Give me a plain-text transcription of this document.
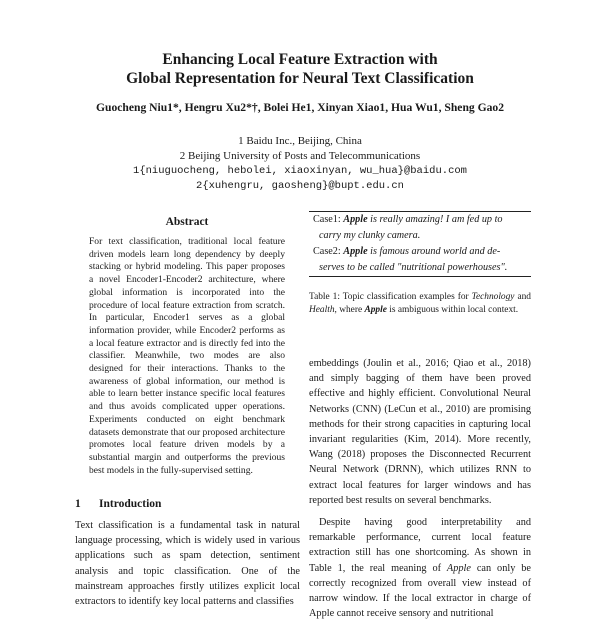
Enhancing Local Feature Extraction with
Global Representation for Neural Text Classification
Guocheng Niu1*, Hengru Xu2*†, Bolei He1, Xinyan Xiao1, Hua Wu1, Sheng Gao2
1 Baidu Inc., Beijing, China
2 Beijing University of Posts and Telecommunications
1{niuguocheng, hebolei, xiaoxinyan, wu_hua}@baidu.com
2{xuhengru, gaosheng}@bupt.edu.cn
Abstract
For text classification, traditional local feature driven models learn long dependency by deeply stacking or hybrid modeling. This paper proposes a novel Encoder1-Encoder2 architecture, where global information is incorporated into the procedure of local feature extraction from scratch. In particular, Encoder1 serves as a global information provider, while Encoder2 performs as a local feature extractor and is directly fed into the classifier. Meanwhile, two modes are also designed for their interactions. Thanks to the awareness of global information, our method is able to learn better instance specific local features and thus avoids complicated upper operations. Experiments conducted on eight benchmark datasets demonstrate that our proposed architecture promotes local feature driven models by a substantial margin and outperforms the previous best models in the fully-supervised setting.
1 Introduction

Text classification is a fundamental task in natural language processing, which is widely used in various applications such as spam detection, sentiment analysis and topic classification. One of the mainstream approaches firstly utilizes explicit local extractors to identify key local patterns and classifies

Case1: Apple is really amazing! I am fed up to
carry my clunky camera.
Case2: Apple is famous around world and de-
serves to be called "nutritional powerhouses".
Table 1: Topic classification examples for Technology and Health, where Apple is ambiguous within local context.

embeddings (Joulin et al., 2016; Qiao et al., 2018) and simply bagging of them have been proved effective and highly efficient. Convolutional Neural Networks (CNN) (LeCun et al., 2010) are promising methods for their strong capacities in capturing local invariant regularities (Kim, 2014). More recently, Wang (2018) proposes the Disconnected Recurrent Neural Network (DRNN), which utilizes RNN to extract local features for larger windows and has reported best results on several benchmarks.

Despite having good interpretability and remarkable performance, current local feature extraction still has one shortcoming. As shown in Table 1, the real meaning of Apple can only be correctly recognized from overall view instead of narrow window. If the local extractor in charge of Apple cannot receive sensory and nutritional
